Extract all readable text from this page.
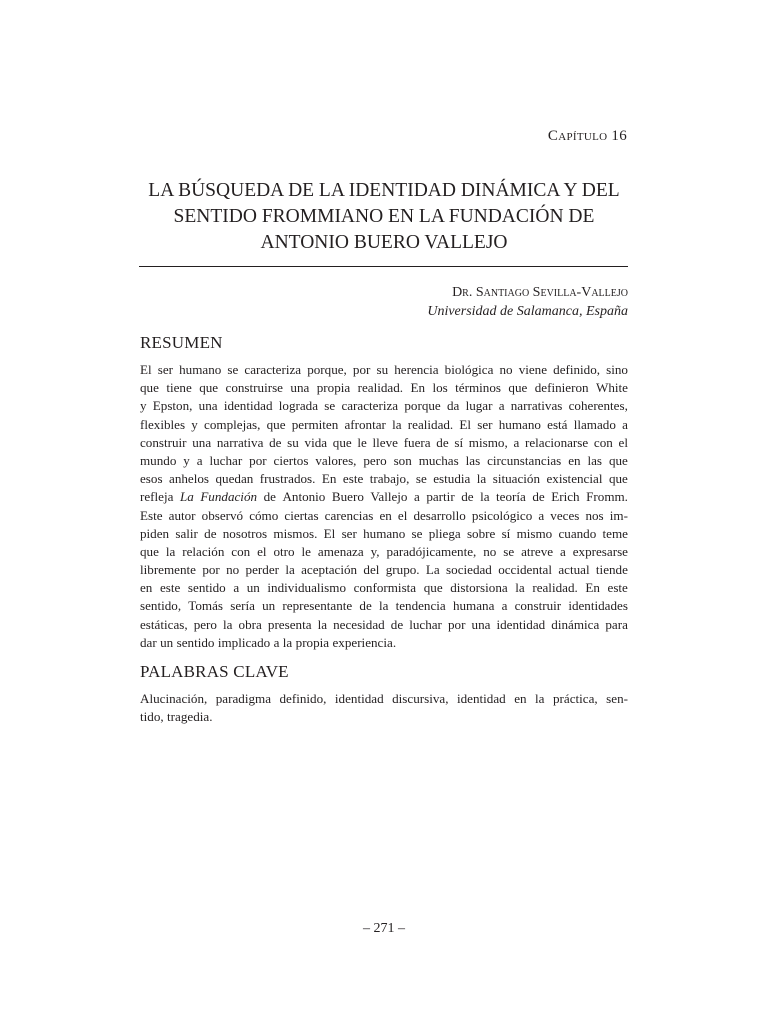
Capítulo 16
LA BÚSQUEDA DE LA IDENTIDAD DINÁMICA Y DEL
SENTIDO FROMMIANO EN LA FUNDACIÓN DE
ANTONIO BUERO VALLEJO
Dr. Santiago Sevilla-Vallejo
Universidad de Salamanca, España
RESUMEN
El ser humano se caracteriza porque, por su herencia biológica no viene definido, sino
que tiene que construirse una propia realidad. En los términos que definieron White
y Epston, una identidad lograda se caracteriza porque da lugar a narrativas coherentes,
flexibles y complejas, que permiten afrontar la realidad. El ser humano está llamado a
construir una narrativa de su vida que le lleve fuera de sí mismo, a relacionarse con el
mundo y a luchar por ciertos valores, pero son muchas las circunstancias en las que
esos anhelos quedan frustrados. En este trabajo, se estudia la situación existencial que
refleja La Fundación de Antonio Buero Vallejo a partir de la teoría de Erich Fromm.
Este autor observó cómo ciertas carencias en el desarrollo psicológico a veces nos im-
piden salir de nosotros mismos. El ser humano se pliega sobre sí mismo cuando teme
que la relación con el otro le amenaza y, paradójicamente, no se atreve a expresarse
libremente por no perder la aceptación del grupo. La sociedad occidental actual tiende
en este sentido a un individualismo conformista que distorsiona la realidad. En este
sentido, Tomás sería un representante de la tendencia humana a construir identidades
estáticas, pero la obra presenta la necesidad de luchar por una identidad dinámica para
dar un sentido implicado a la propia experiencia.
PALABRAS CLAVE
Alucinación, paradigma definido, identidad discursiva, identidad en la práctica, sen-
tido, tragedia.
– 271 –
